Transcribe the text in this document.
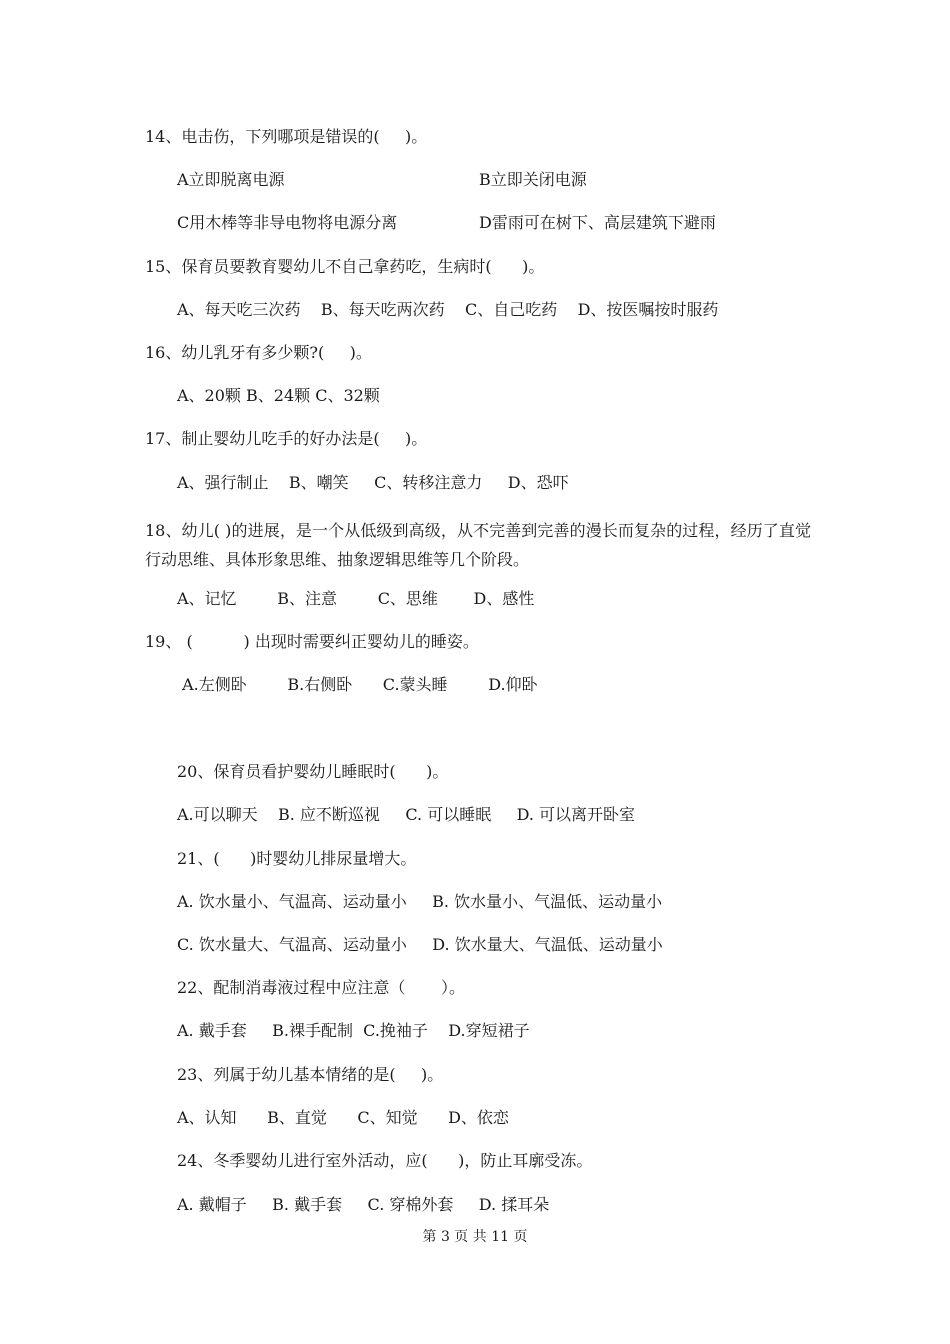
14、电击伤，下列哪项是错误的(     )。
A立即脱离电源	B立即关闭电源
C用木棒等非导电物将电源分离	D雷雨可在树下、高层建筑下避雨
15、保育员要教育婴幼儿不自己拿药吃，生病时(      )。
A、每天吃三次药    B、每天吃两次药    C、自己吃药    D、按医嘱按时服药
16、幼儿乳牙有多少颗?(     )。
A、20颗 B、24颗 C、32颗
17、制止婴幼儿吃手的好办法是(     )。
A、强行制止    B、嘲笑     C、转移注意力     D、恐吓
18、幼儿( )的进展，是一个从低级到高级，从不完善到完善的漫长而复杂的过程，经历了直觉行动思维、具体形象思维、抽象逻辑思维等几个阶段。
A、记忆        B、注意        C、思维       D、感性
19、 (          ) 出现时需要纠正婴幼儿的睡姿。
A.左侧卧        B.右侧卧      C.蒙头睡        D.仰卧
20、保育员看护婴幼儿睡眠时(      )。
A.可以聊天    B. 应不断巡视     C. 可以睡眠     D. 可以离开卧室
21、(      )时婴幼儿排尿量增大。
A. 饮水量小、气温高、运动量小     B. 饮水量小、气温低、运动量小
C. 饮水量大、气温高、运动量小     D. 饮水量大、气温低、运动量小
22、配制消毒液过程中应注意（       ）。
A. 戴手套     B.裸手配制  C.挽袖子    D.穿短裙子
23、列属于幼儿基本情绪的是(     )。
A、认知      B、直觉      C、知觉      D、依恋
24、冬季婴幼儿进行室外活动，应(      )，防止耳廓受冻。
A. 戴帽子     B. 戴手套     C. 穿棉外套     D. 揉耳朵
第 3 页 共 11 页
